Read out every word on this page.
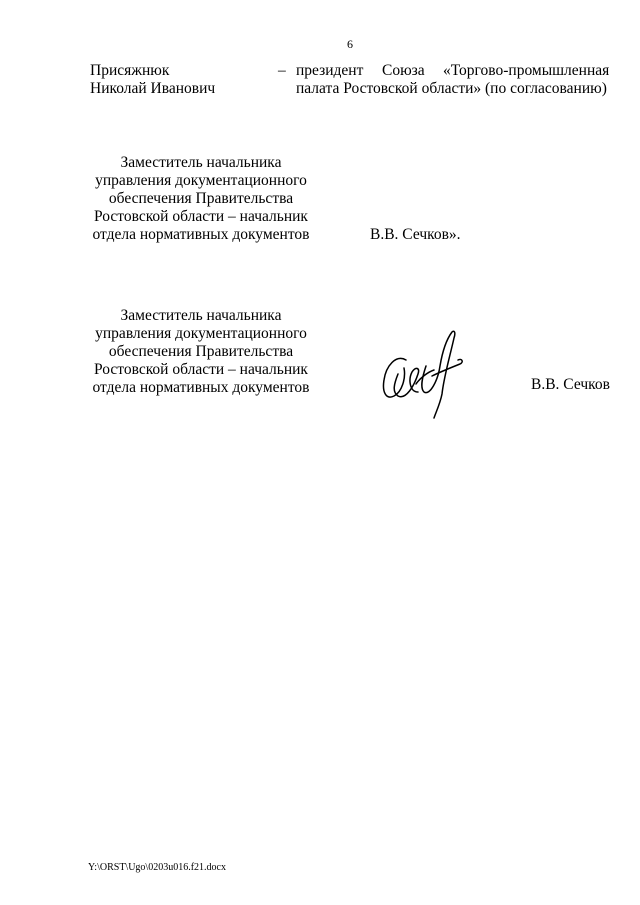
6
Присяжнюк
Николай Иванович
– президент Союза «Торгово-промышленная
палата Ростовской области» (по согласованию)
Заместитель начальника
управления документационного
обеспечения Правительства
Ростовской области – начальник
отдела нормативных документов	В.В. Сечков».
Заместитель начальника
управления документационного
обеспечения Правительства
Ростовской области – начальник
отдела нормативных документов	В.В. Сечков
Y:\ORST\Ugo\0203u016.f21.docx
